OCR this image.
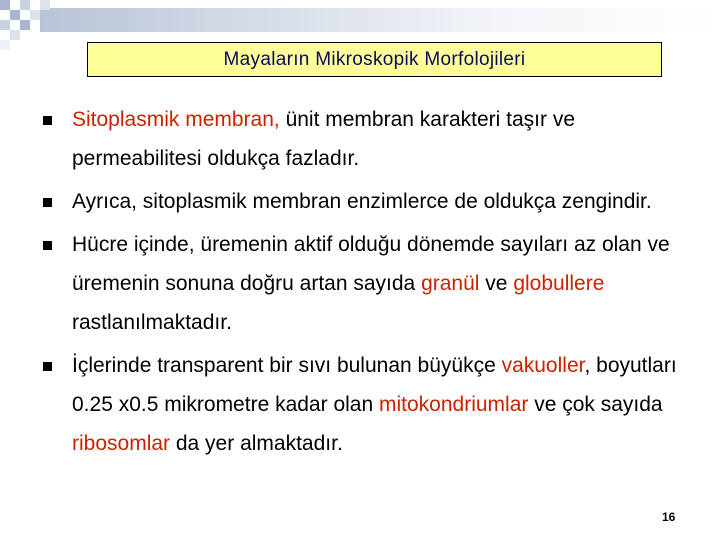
Mayaların Mikroskopik Morfolojileri
Sitoplasmik membran, ünit membran karakteri taşır ve permeabilitesi oldukça fazladır.
Ayrıca, sitoplasmik membran enzimlerce de oldukça zengindir.
Hücre içinde, üremenin aktif olduğu dönemde sayıları az olan ve üremenin sonuna doğru artan sayıda granül ve globullere rastlanılmaktadır.
İçlerinde transparent bir sıvı bulunan büyükçe vakuoller, boyutları 0.25 x0.5 mikrometre kadar olan mitokondriumlar ve çok sayıda ribosomlar da yer almaktadır.
16
